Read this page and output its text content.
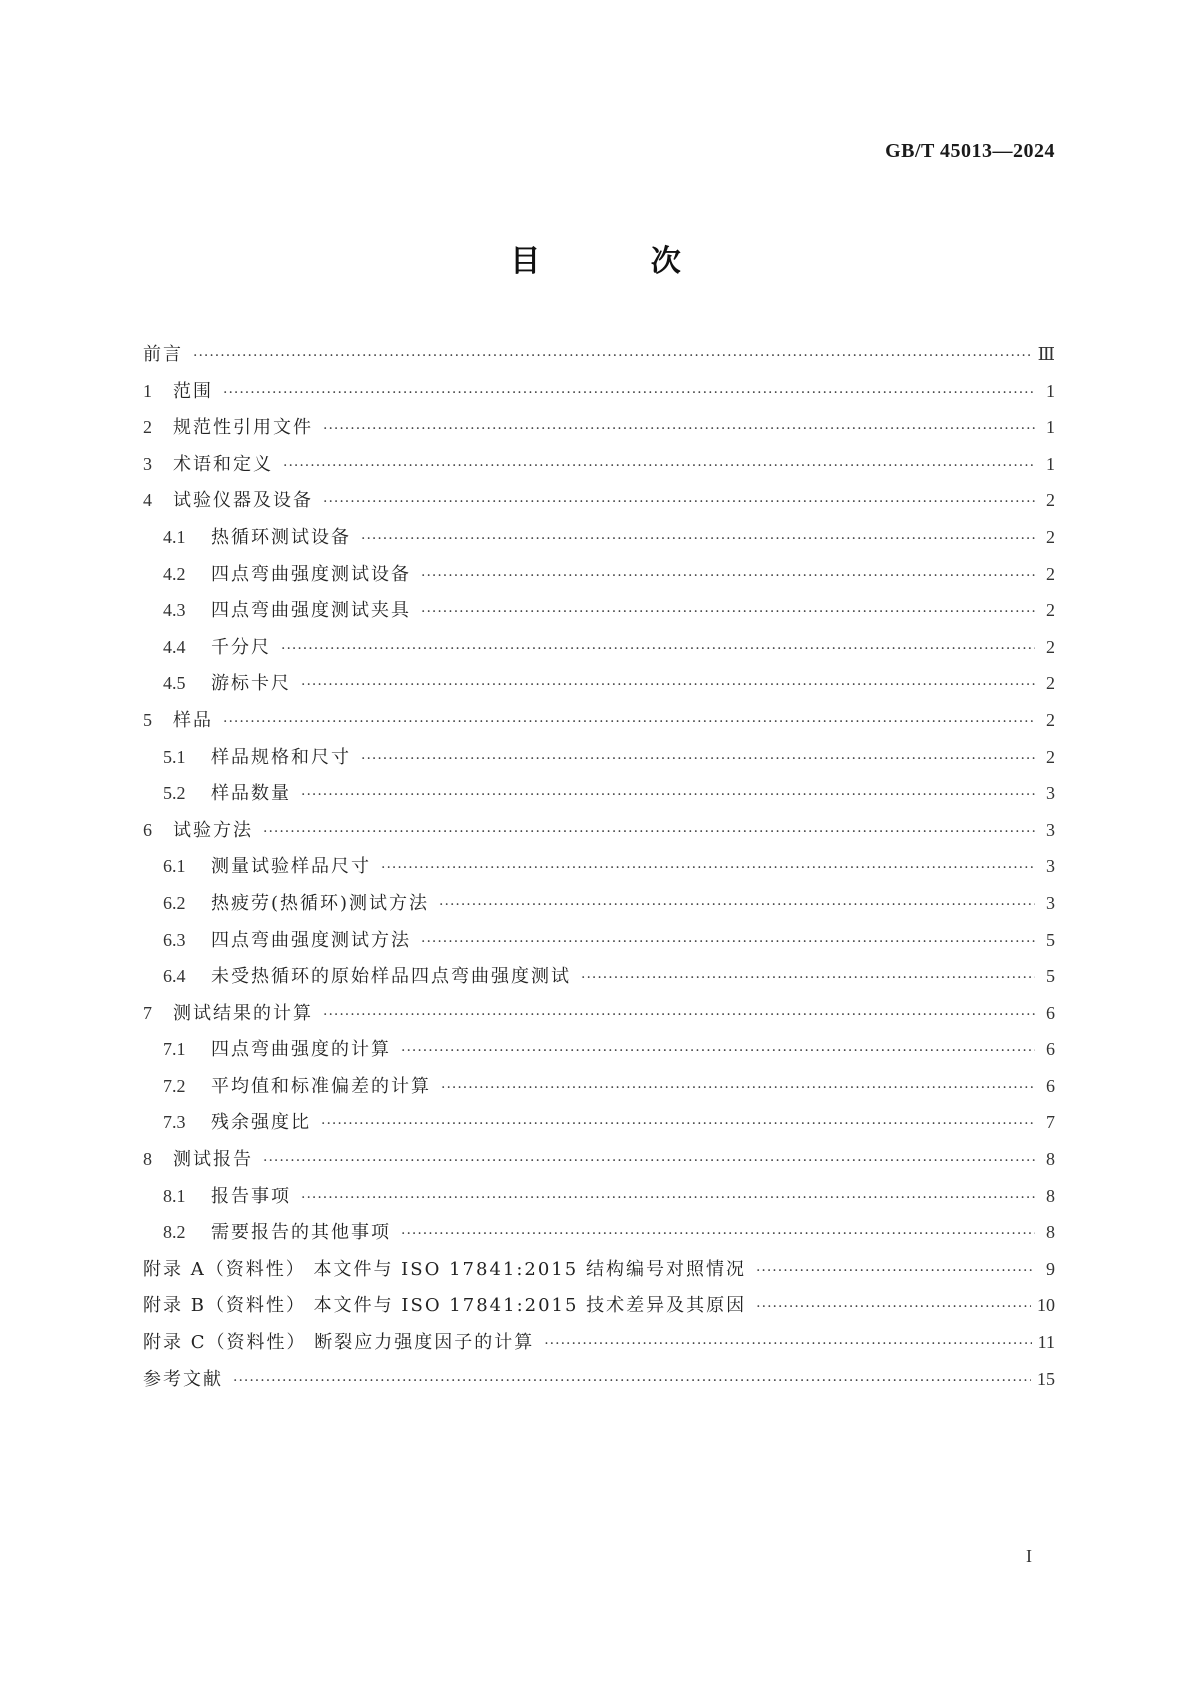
GB/T 45013—2024
目 次
前言 ·····	Ⅲ
1	范围 ·····	1
2	规范性引用文件 ·····	1
3	术语和定义 ·····	1
4	试验仪器及设备 ·····	2
4.1	热循环测试设备 ·····	2
4.2	四点弯曲强度测试设备 ·····	2
4.3	四点弯曲强度测试夹具 ·····	2
4.4	千分尺 ·····	2
4.5	游标卡尺 ·····	2
5	样品 ·····	2
5.1	样品规格和尺寸 ·····	2
5.2	样品数量 ·····	3
6	试验方法 ·····	3
6.1	测量试验样品尺寸 ·····	3
6.2	热疲劳(热循环)测试方法 ·····	3
6.3	四点弯曲强度测试方法 ·····	5
6.4	未受热循环的原始样品四点弯曲强度测试 ·····	5
7	测试结果的计算 ·····	6
7.1	四点弯曲强度的计算 ·····	6
7.2	平均值和标准偏差的计算 ·····	6
7.3	残余强度比 ·····	7
8	测试报告 ·····	8
8.1	报告事项 ·····	8
8.2	需要报告的其他事项 ·····	8
附录 A（资料性） 本文件与 ISO 17841:2015 结构编号对照情况 ·····	9
附录 B（资料性） 本文件与 ISO 17841:2015 技术差异及其原因 ·····	10
附录 C（资料性） 断裂应力强度因子的计算 ·····	11
参考文献 ·····	15
I
